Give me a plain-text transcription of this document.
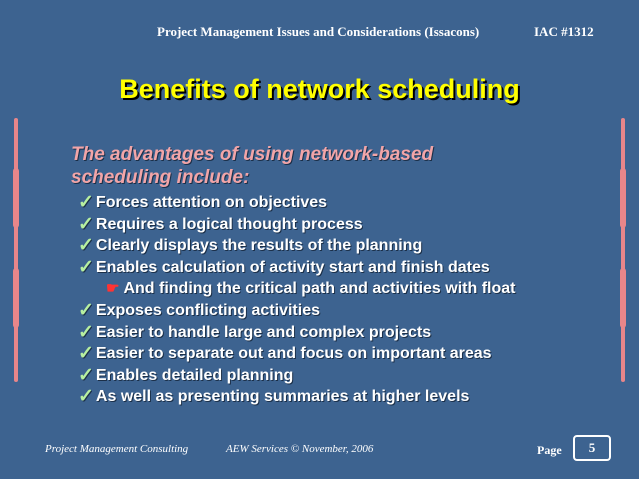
Project Management Issues and Considerations (Issacons)	IAC #1312
Benefits of network scheduling
The advantages of using network-based
scheduling include:
✓ Forces attention on objectives
✓ Requires a logical thought process
✓ Clearly displays the results of the planning
✓ Enables calculation of activity start and finish dates
☛ And finding the critical path and activities with float
✓ Exposes conflicting activities
✓ Easier to handle large and complex projects
✓ Easier to separate out and focus on important areas
✓ Enables detailed planning
✓ As well as presenting summaries at higher levels
Project Management Consulting	AEW Services © November, 2006	Page	5
